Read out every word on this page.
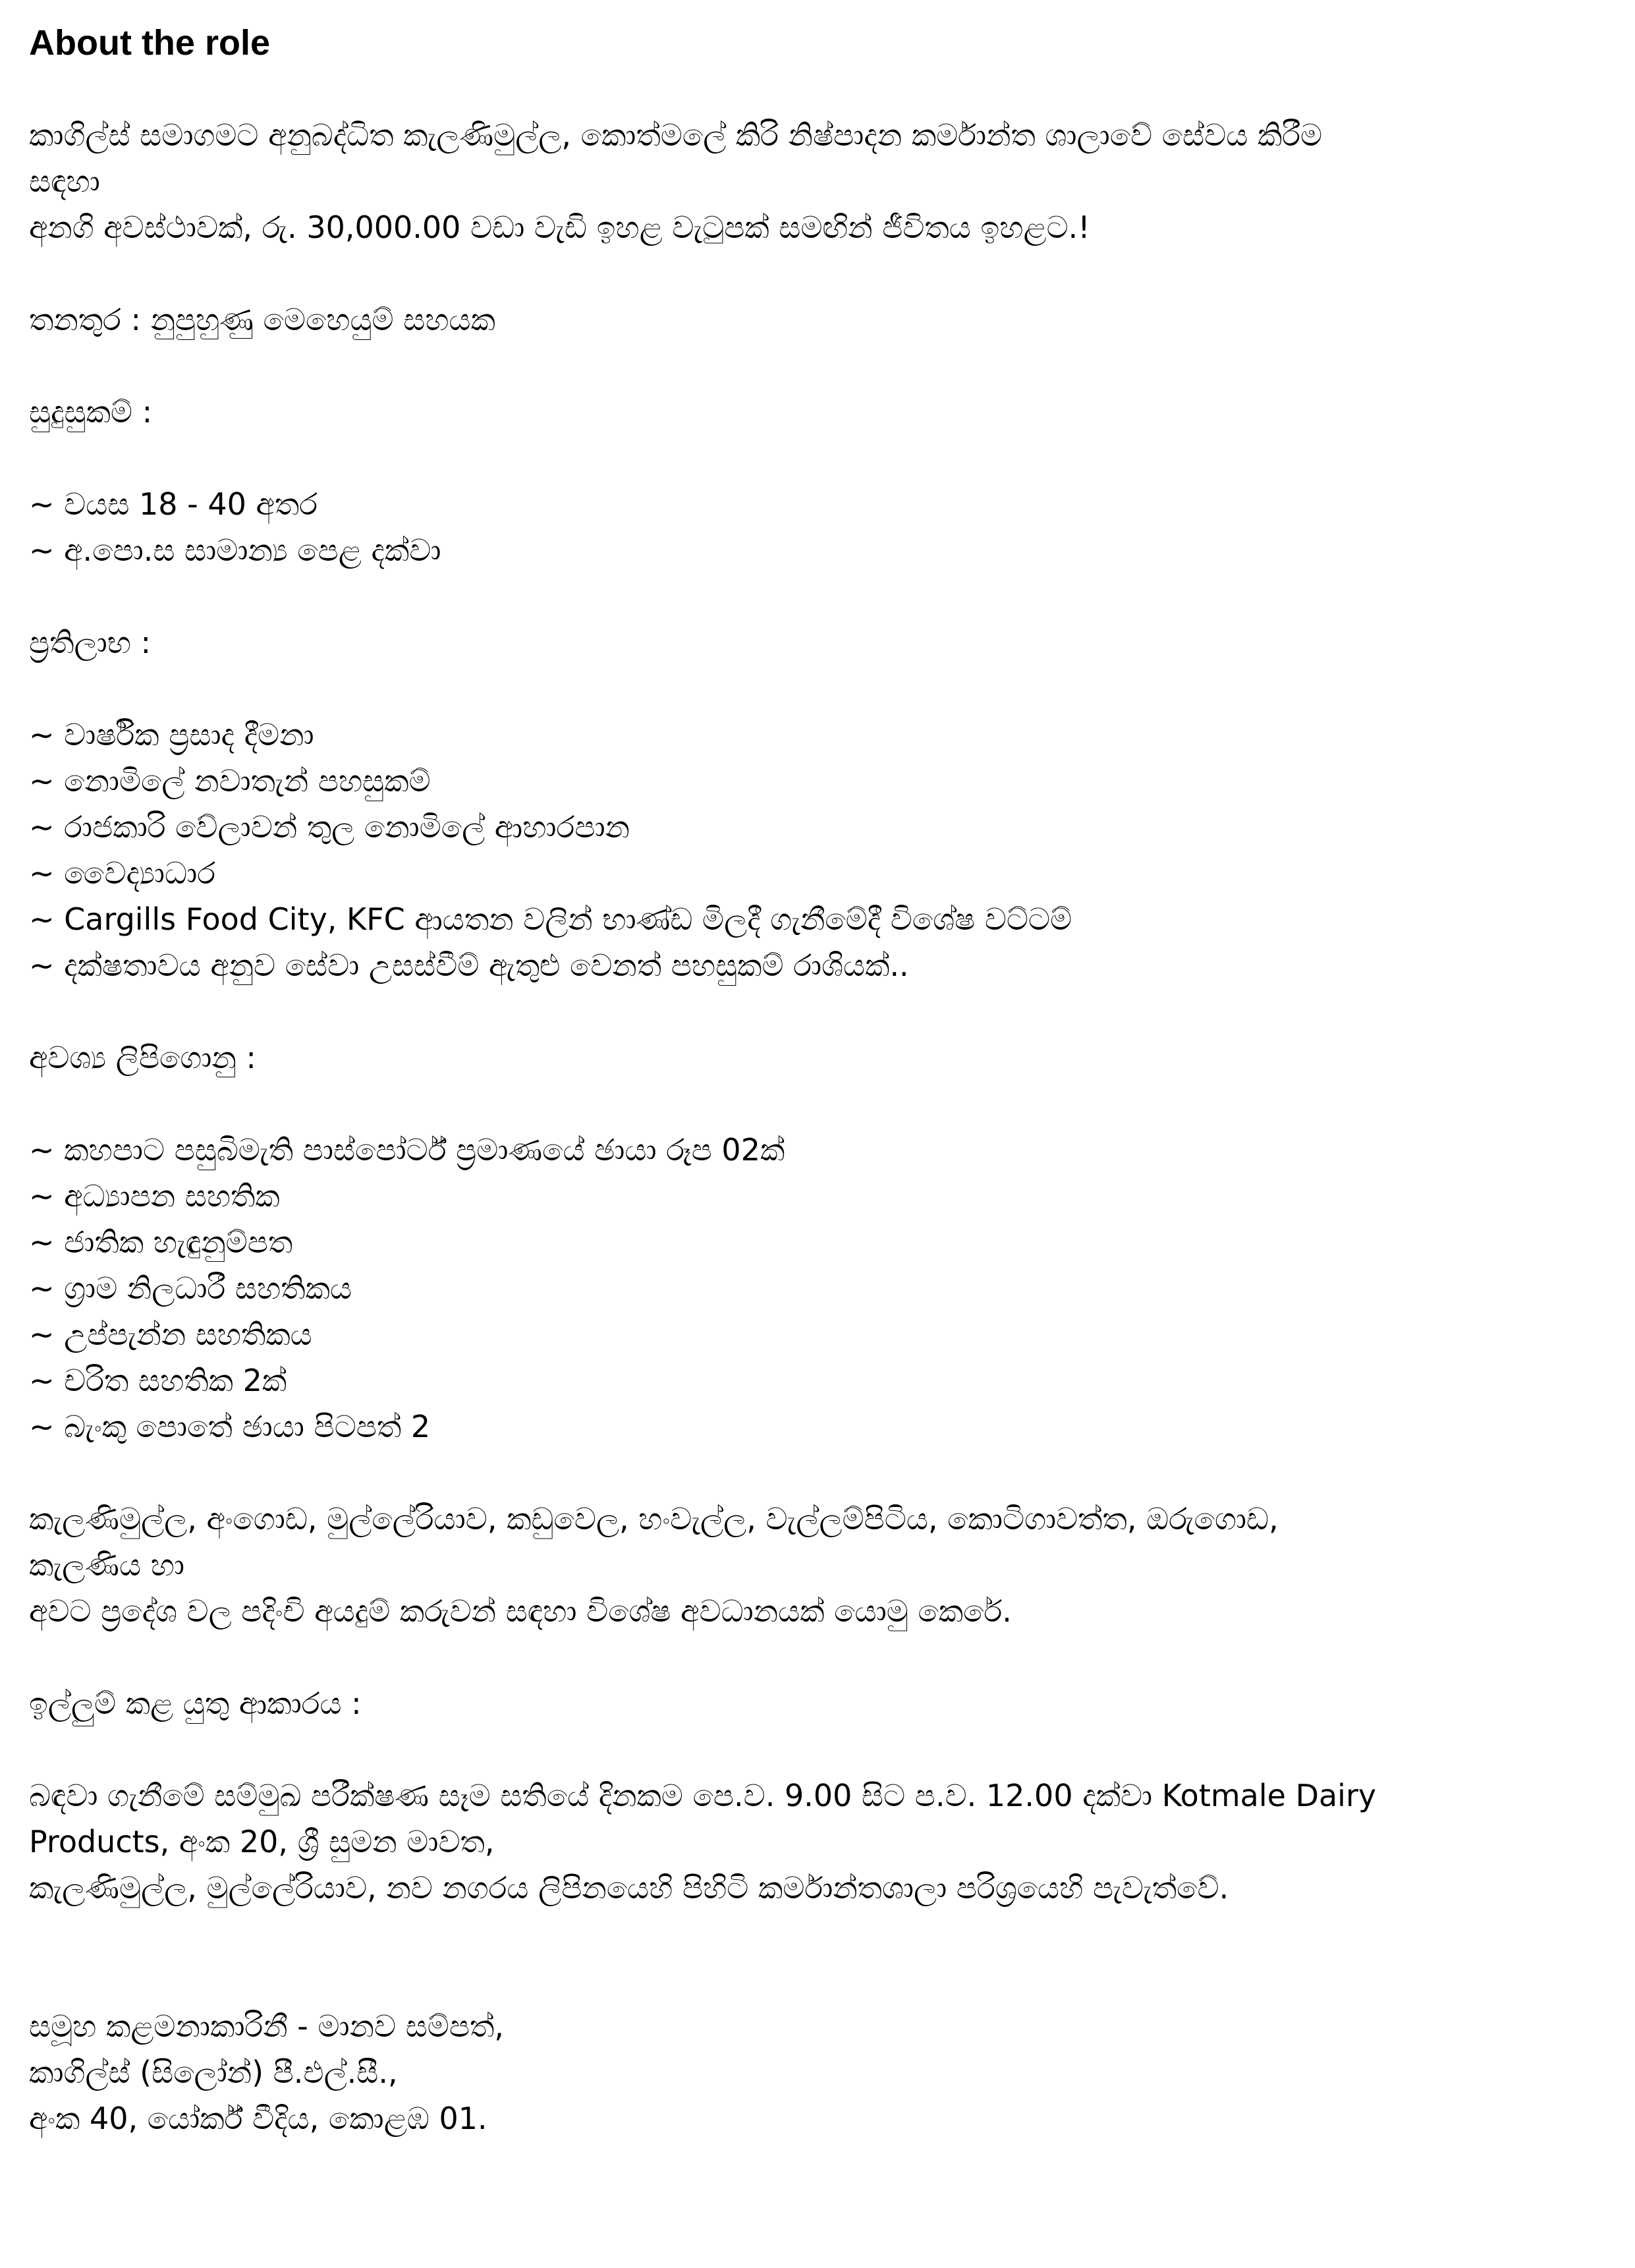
About the role
කාගිල්ස් සමාගමට අනුබද්ධිත කැලණිමුල්ල, කොත්මලේ කිරි නිෂ්පාදන කර්මාන්ත ශාලාවේ සේවය කිරීම
සඳහා
අනගි අවස්ථාවක්, රු. 30,000.00 වඩා වැඩි ඉහළ වැටුපක් සමඟින් ජීවිතය ඉහළට.!
තනතුර : නුපුහුණු මෙහෙයුම් සහයක
සුදුසුකම් :
~ වයස 18 - 40 අතර
~ අ.පො.ස සාමාන්‍ය පෙළ දක්වා
ප්‍රතිලාභ :
~ වාර්ෂික ප්‍රසාද දීමනා
~ නොමිලේ නවාතැන් පහසුකම්
~ රාජකාරි වේලාවන් තුල නොමිලේ ආහාරපාන
~ වෛද්‍යාධාර
~ Cargills Food City, KFC ආයතන වලින් භාණ්ඩ මිලදී ගැනීමේදී විශේෂ වට්ටම්
~ දක්ෂතාවය අනුව සේවා උසස්වීම් ඇතුළු වෙනත් පහසුකම් රාශියක්..
අවශ්‍ය ලිපිගොනු :
~ කහපාට පසුබිමැති පාස්පෝර්ට් ප්‍රමාණයේ ඡායා රූප 02ක්
~ අධ්‍යාපන සහතික
~ ජාතික හැඳුනුම්පත
~ ග්‍රාම නිලධාරී සහතිකය
~ උප්පැන්න සහතිකය
~ චරිත සහතික 2ක්
~ බැංකු පොතේ ඡායා පිටපත් 2
කැලණිමුල්ල, අංගොඩ, මුල්ලේරියාව, කඩුවෙල, හංවැල්ල, වැල්ලම්පිටිය, කොටිගාවත්ත, ඔරුගොඩ,
කැලණිය හා
අවට ප්‍රදේශ වල පදිංචි අයදුම් කරුවන් සඳහා විශේෂ අවධානයක් යොමු කෙරේ.
ඉල්ලුම් කළ යුතු ආකාරය :
බඳවා ගැනීමේ සම්මුඛ පරීක්ෂණ සෑම සතියේ දිනකම පෙ.ව. 9.00 සිට ප.ව. 12.00 දක්වා Kotmale Dairy
Products, අංක 20, ශ්‍රී සුමන මාවත,
කැලණිමුල්ල, මුල්ලේරියාව, නව නගරය ලිපිනයෙහි පිහිටි කර්මාන්තශාලා පරිශ්‍රයෙහි පැවැත්වේ.
සමූහ කළමනාකාරිනී - මානව සම්පත්,
කාගිල්ස් (සිලෝන්) පී.එල්.සී.,
අංක 40, යෝර්ක් වීදිය, කොළඹ 01.
